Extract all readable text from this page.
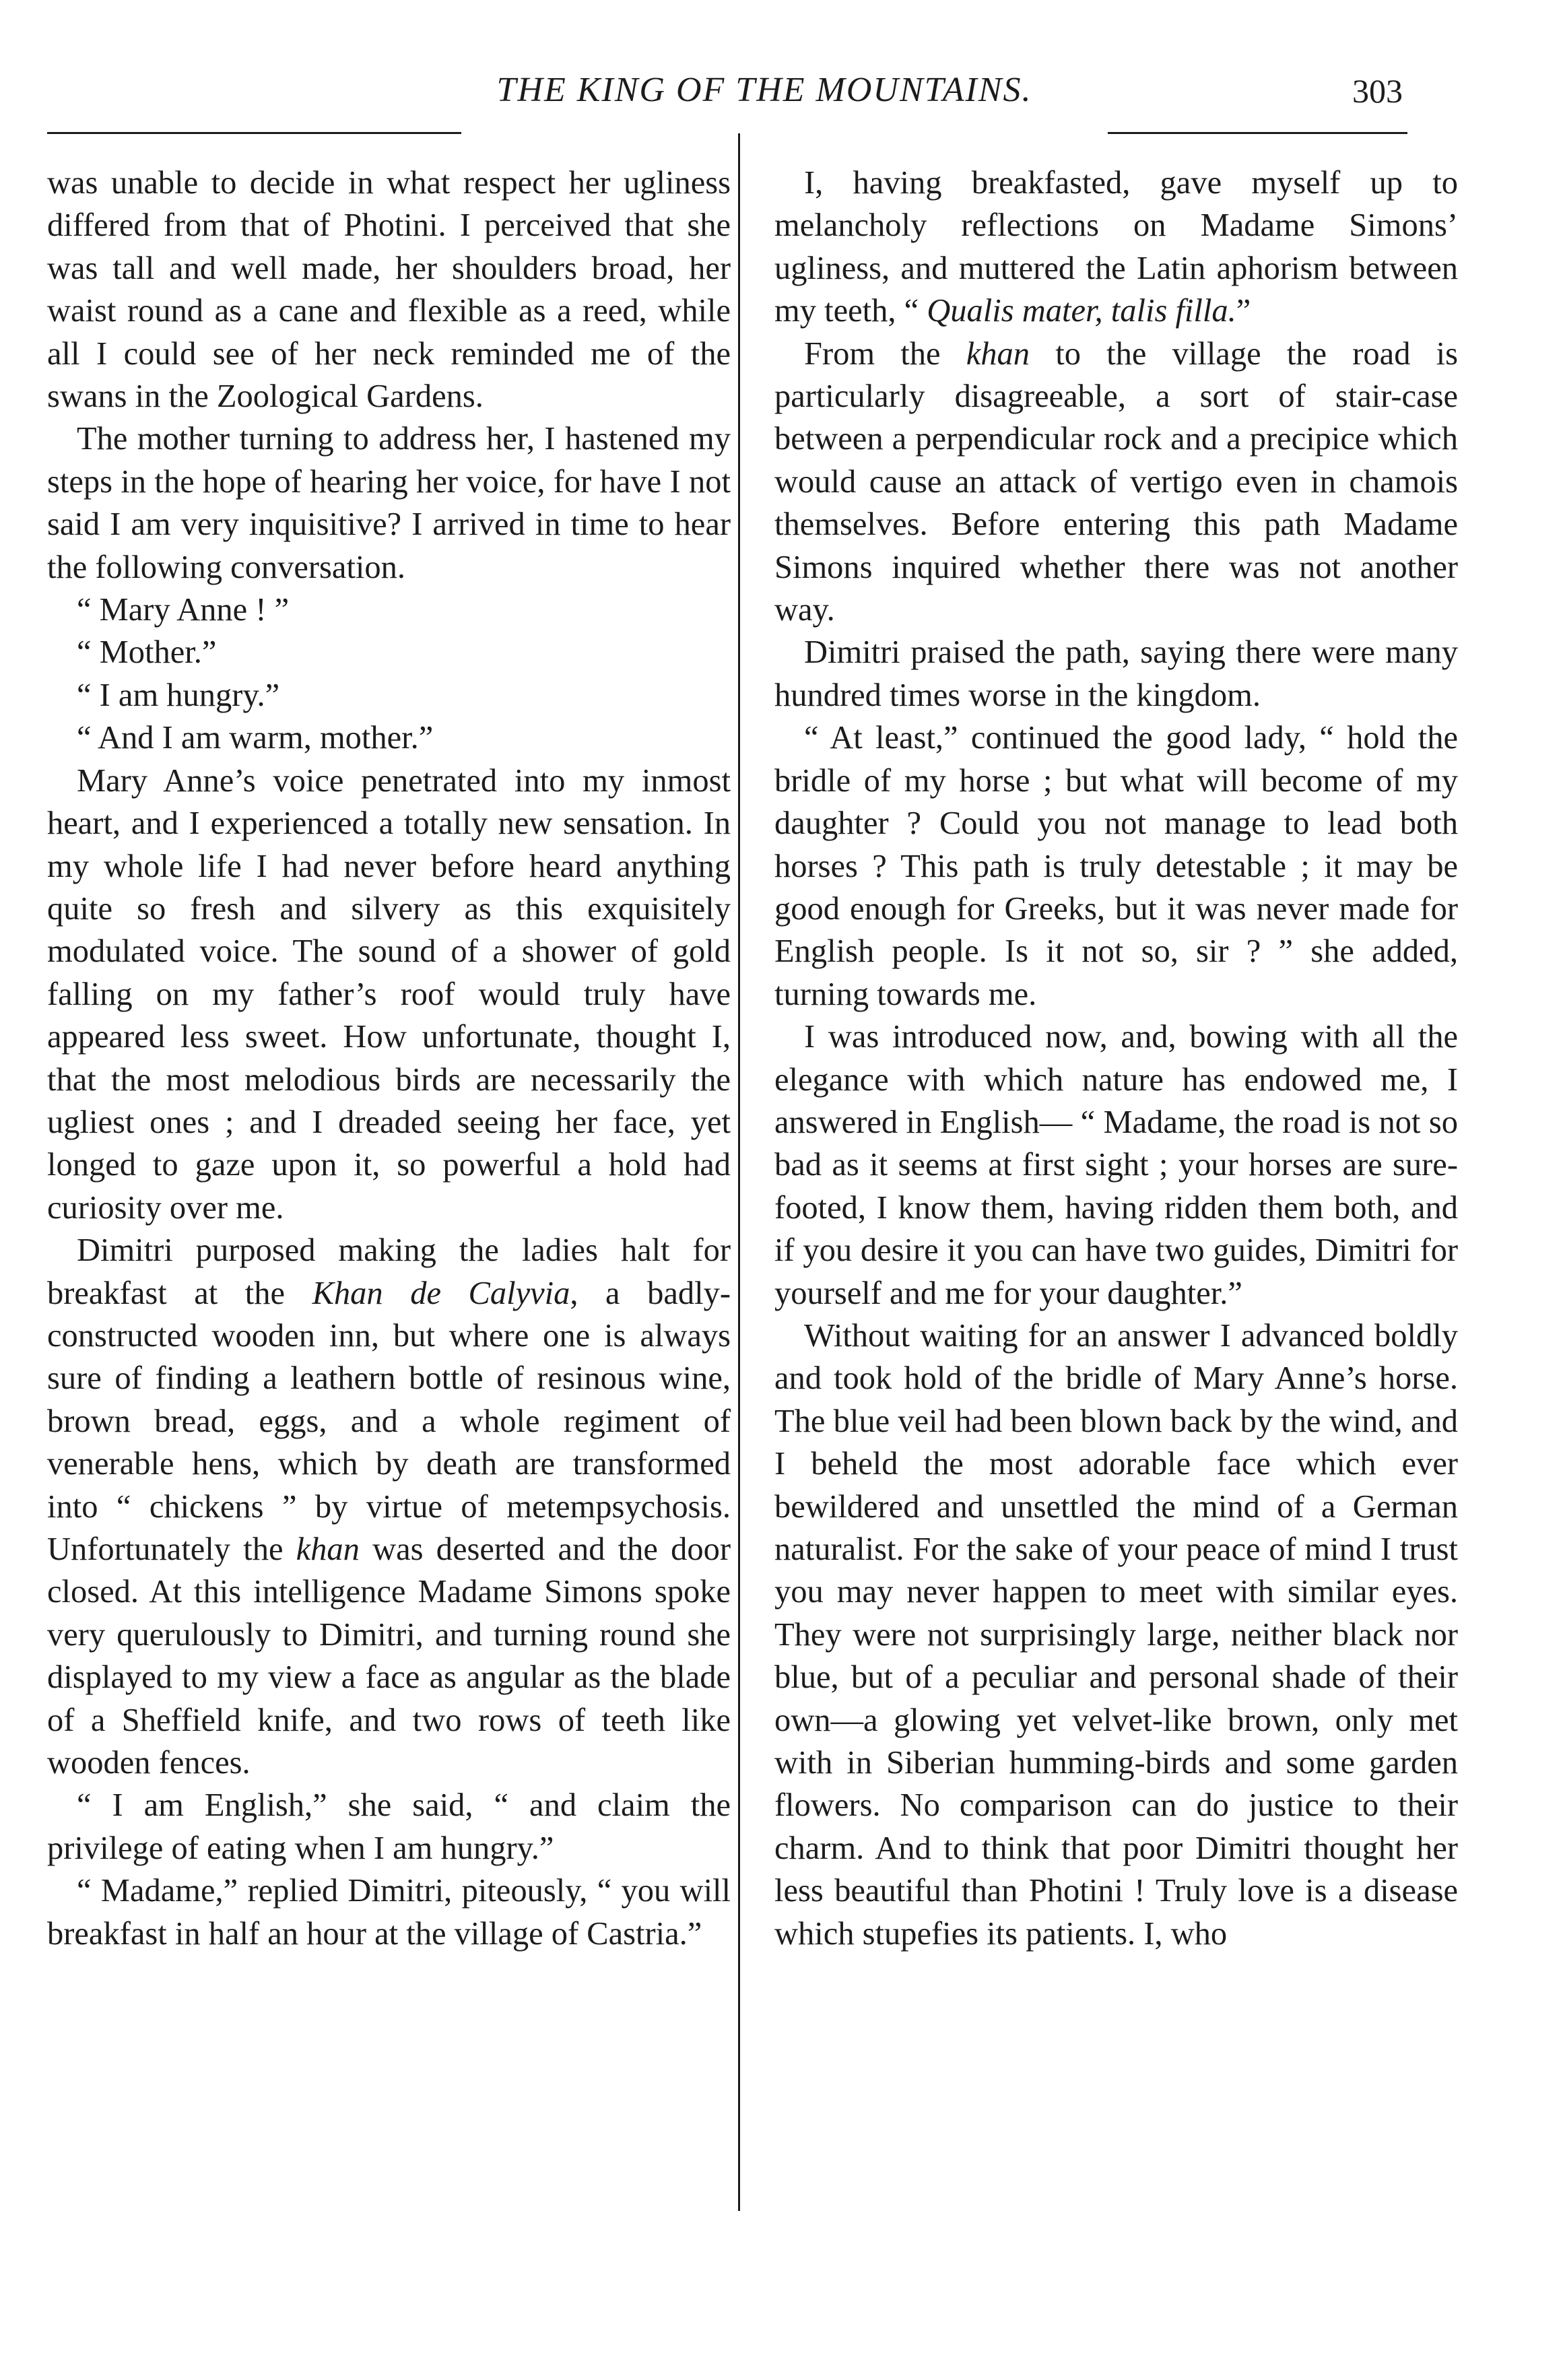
THE KING OF THE MOUNTAINS.	303

was unable to decide in what respect her ugliness differed from that of Photini. I perceived that she was tall and well made, her shoulders broad, her waist round as a cane and flexible as a reed, while all I could see of her neck reminded me of the swans in the Zoological Gardens.

The mother turning to address her, I hastened my steps in the hope of hearing her voice, for have I not said I am very inquisitive? I arrived in time to hear the following conversation.

“ Mary Anne ! ”

“ Mother.”

“ I am hungry.”

“ And I am warm, mother.”

Mary Anne’s voice penetrated into my inmost heart, and I experienced a totally new sensation. In my whole life I had never before heard anything quite so fresh and silvery as this exquisitely modulated voice. The sound of a shower of gold falling on my father’s roof would truly have appeared less sweet. How unfortunate, thought I, that the most melodious birds are necessarily the ugliest ones ; and I dreaded seeing her face, yet longed to gaze upon it, so powerful a hold had curiosity over me.

Dimitri purposed making the ladies halt for breakfast at the Khan de Calyvia, a badly-constructed wooden inn, but where one is always sure of finding a leathern bottle of resinous wine, brown bread, eggs, and a whole regiment of venerable hens, which by death are transformed into “ chickens ” by virtue of metempsychosis. Unfortunately the khan was deserted and the door closed. At this intelligence Madame Simons spoke very querulously to Dimitri, and turning round she displayed to my view a face as angular as the blade of a Sheffield knife, and two rows of teeth like wooden fences.

“ I am English,” she said, “ and claim the privilege of eating when I am hungry.”

“ Madame,” replied Dimitri, piteously, “ you will breakfast in half an hour at the village of Castria.”

I, having breakfasted, gave myself up to melancholy reflections on Madame Simons’ ugliness, and muttered the Latin aphorism between my teeth, “ Qualis mater, talis filla.”

From the khan to the village the road is particularly disagreeable, a sort of stair-case between a perpendicular rock and a precipice which would cause an attack of vertigo even in chamois themselves. Before entering this path Madame Simons inquired whether there was not another way.

Dimitri praised the path, saying there were many hundred times worse in the kingdom.

“ At least,” continued the good lady, “ hold the bridle of my horse ; but what will become of my daughter ? Could you not manage to lead both horses ? This path is truly detestable ; it may be good enough for Greeks, but it was never made for English people. Is it not so, sir ? ” she added, turning towards me.

I was introduced now, and, bowing with all the elegance with which nature has endowed me, I answered in English— “ Madame, the road is not so bad as it seems at first sight ; your horses are sure-footed, I know them, having ridden them both, and if you desire it you can have two guides, Dimitri for yourself and me for your daughter.”

Without waiting for an answer I advanced boldly and took hold of the bridle of Mary Anne’s horse. The blue veil had been blown back by the wind, and I beheld the most adorable face which ever bewildered and unsettled the mind of a German naturalist. For the sake of your peace of mind I trust you may never happen to meet with similar eyes. They were not surprisingly large, neither black nor blue, but of a peculiar and personal shade of their own—a glowing yet velvet-like brown, only met with in Siberian humming-birds and some garden flowers. No comparison can do justice to their charm. And to think that poor Dimitri thought her less beautiful than Photini ! Truly love is a disease which stupefies its patients. I, who
